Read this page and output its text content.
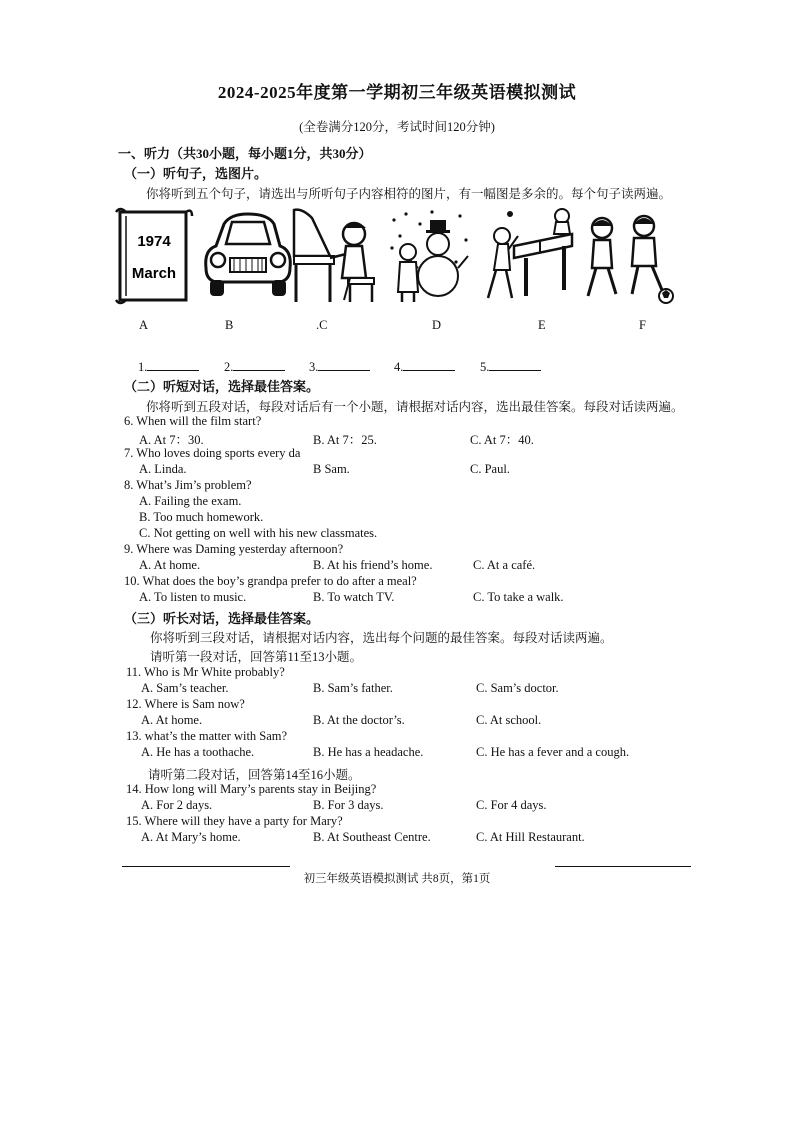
2024-2025年度第一学期初三年级英语模拟测试
(全卷满分120分，考试时间120分钟)
一、听力（共30小题，每小题1分，共30分）
（一）听句子，选图片。
你将听到五个句子，请选出与所听句子内容相符的图片，有一幅图是多余的。每个句子读两遍。
1974
March
A	B	.C	D	E	F
1.	2.	3.	4.	5.
（二）听短对话，选择最佳答案。
你将听到五段对话，每段对话后有一个小题，请根据对话内容，选出最佳答案。每段对话读两遍。
6. When will the film start?
A. At 7：30.	B. At 7：25.	C. At 7：40.
7. Who loves doing sports every da
A. Linda.	B Sam.	C. Paul.
8. What’s Jim’s problem?
A. Failing the exam.
B. Too much homework.
C. Not getting on well with his new classmates.
9. Where was Daming yesterday afternoon?
A. At home.	B. At his friend’s home.	C. At a café.
10. What does the boy’s grandpa prefer to do after a meal?
A. To listen to music.	B. To watch TV.	C. To take a walk.
（三）听长对话，选择最佳答案。
你将听到三段对话，请根据对话内容，选出每个问题的最佳答案。每段对话读两遍。
请听第一段对话，回答第11至13小题。
11. Who is Mr White probably?
A. Sam’s teacher.	B. Sam’s father.	C. Sam’s doctor.
12. Where is Sam now?
A. At home.	B. At the doctor’s.	C. At school.
13. what’s the matter with Sam?
A. He has a toothache.	B. He has a headache.	C. He has a fever and a cough.
请听第二段对话，回答第14至16小题。
14. How long will Mary’s parents stay in Beijing?
A. For 2 days.	B. For 3 days.	C. For 4 days.
15. Where will they have a party for Mary?
A. At Mary’s home.	B. At Southeast Centre.	C. At Hill Restaurant.
初三年级英语模拟测试 共8页，第1页
